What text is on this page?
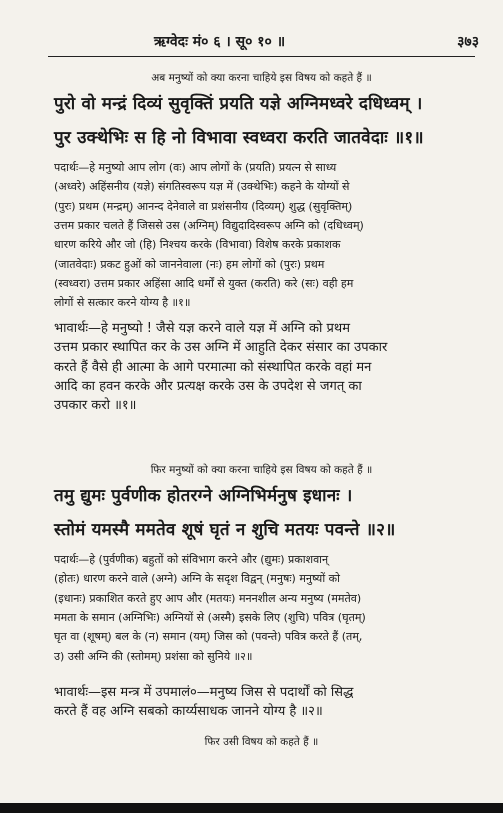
ऋग्वेदः मं० ६ । सू० १० ॥	३७३
अब मनुष्यों को क्या करना चाहिये इस विषय को कहते हैं ॥
पुरो वो मन्द्रं दिव्यं सुवृक्तिं प्रयति यज्ञे अग्निमध्वरे दधिध्वम् ।
पुर उक्थेभिः स हि नो विभावा स्वध्वरा करति जातवेदाः ॥१॥
पदार्थः—हे मनुष्यो आप लोग (वः) आप लोगों के (प्रयति) प्रयत्न से साध्य
(अध्वरे) अहिंसनीय (यज्ञे) संगतिस्वरूप यज्ञ में (उक्थेभिः) कहने के योग्यों से
(पुरः) प्रथम (मन्द्रम्) आनन्द देनेवाले वा प्रशंसनीय (दिव्यम्) शुद्ध (सुवृक्तिम्)
उत्तम प्रकार चलते हैं जिससे उस (अग्निम्) विद्युदादिस्वरूप अग्नि को (दधिध्वम्)
धारण करिये और जो (हि) निश्चय करके (विभावा) विशेष करके प्रकाशक
(जातवेदाः) प्रकट हुओं को जाननेवाला (नः) हम लोगों को (पुरः) प्रथम
(स्वध्वरा) उत्तम प्रकार अहिंसा आदि धर्मों से युक्त (करति) करे (सः) वही हम
लोगों से सत्कार करने योग्य है ॥१॥
भावार्थः—हे मनुष्यो ! जैसे यज्ञ करने वाले यज्ञ में अग्नि को प्रथम
उत्तम प्रकार स्थापित कर के उस अग्नि में आहुति देकर संसार का उपकार
करते हैं वैसे ही आत्मा के आगे परमात्मा को संस्थापित करके वहां मन
आदि का हवन करके और प्रत्यक्ष करके उस के उपदेश से जगत् का
उपकार करो ॥१॥
फिर मनुष्यों को क्या करना चाहिये इस विषय को कहते हैं ॥
तमु द्युमः पुर्वणीक होतरग्ने अग्निभिर्मनुष इधानः ।
स्तोमं यमस्मै ममतेव शूषं घृतं न शुचि मतयः पवन्ते ॥२॥
पदार्थः—हे (पुर्वणीक) बहुतों को संविभाग करने और (द्युमः) प्रकाशवान्
(होतः) धारण करने वाले (अग्ने) अग्नि के सदृश विद्वन् (मनुषः) मनुष्यों को
(इधानः) प्रकाशित करते हुए आप और (मतयः) मननशील अन्य मनुष्य (ममतेव)
ममता के समान (अग्निभिः) अग्नियों से (अस्मै) इसके लिए (शुचि) पवित्र (घृतम्)
घृत वा (शूषम्) बल के (न) समान (यम्) जिस को (पवन्ते) पवित्र करते हैं (तम्,
उ) उसी अग्नि की (स्तोमम्) प्रशंसा को सुनिये ॥२॥
भावार्थः—इस मन्त्र में उपमालं०—मनुष्य जिस से पदार्थों को सिद्ध
करते हैं वह अग्नि सबको कार्य्यसाधक जानने योग्य है ॥२॥
फिर उसी विषय को कहते हैं ॥
